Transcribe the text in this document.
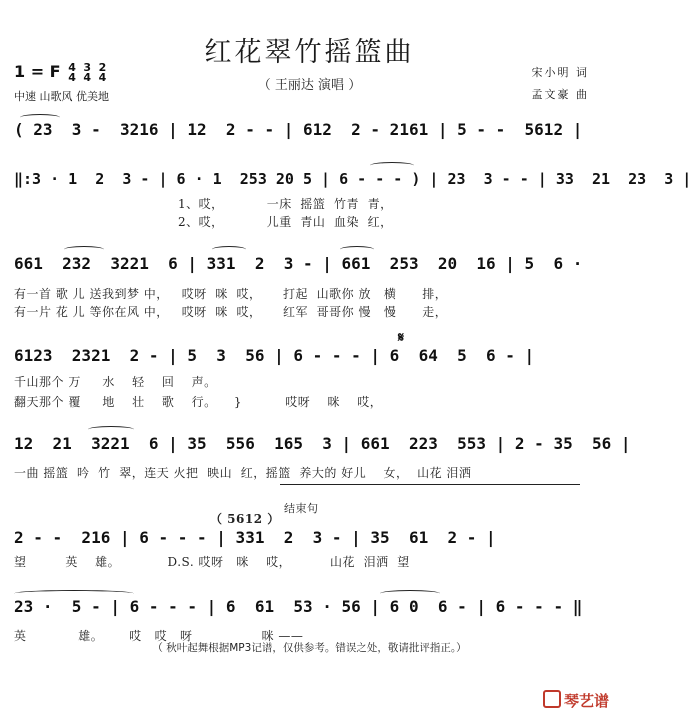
红花翠竹摇篮曲
（ 王丽达 演唱 ）
1 = F 4
4

3
4

2
4
中速 山歌风 优美地
宋小明 词
孟文豪 曲
( 23  3 -  3216 | 12  2 - - | 612  2 - 2161 | 5 - -  5612 |
‖:3 · 1  2  3 - | 6 · 1  253 20 5 | 6 - - - ) | 23  3 - - | 33  21  23  3 |
1、哎，          一床  摇篮  竹青  青，
2、哎，          儿重  青山  血染  红，
661  232  3221  6 | 331  2  3 - | 661  253  20  16 | 5  6 ·
有一首 歌 儿 送我到梦 中，   哎呀  咪  哎，     打起  山歌你 放   横      排，
有一片 花 儿 等你在风 中，   哎呀  咪  哎，     红军  哥哥你 慢   慢      走，
𝄋
6123  2321  2 - | 5  3  56 | 6 - - - | 6  64  5  6 - |
千山那个 万     水    轻    回    声。
翻天那个 覆     地    壮    歌    行。    }          哎呀    咪    哎，
12  21  3221  6 | 35  556  165  3 | 661  223  553 | 2 - 35  56 |
一曲 摇篮  吟  竹  翠，连天 火把  映山  红，摇篮  养大的 好儿    女，  山花 泪洒
（ 5612 ）
结束句
2 - -  216 | 6 - - - | 331  2  3 - | 35  61  2 - |
望         英    雄。           D.S. 哎呀   咪    哎，         山花  泪洒  望
23 ·  5 - | 6 - - - | 6  61  53 · 56 | 6 0  6 - | 6 - - - ‖
英            雄。      哎   哎   呀                咪 ——
（ 秋叶起舞根据MP3记谱，仅供参考。错误之处，敬请批评指正。）
琴艺谱
